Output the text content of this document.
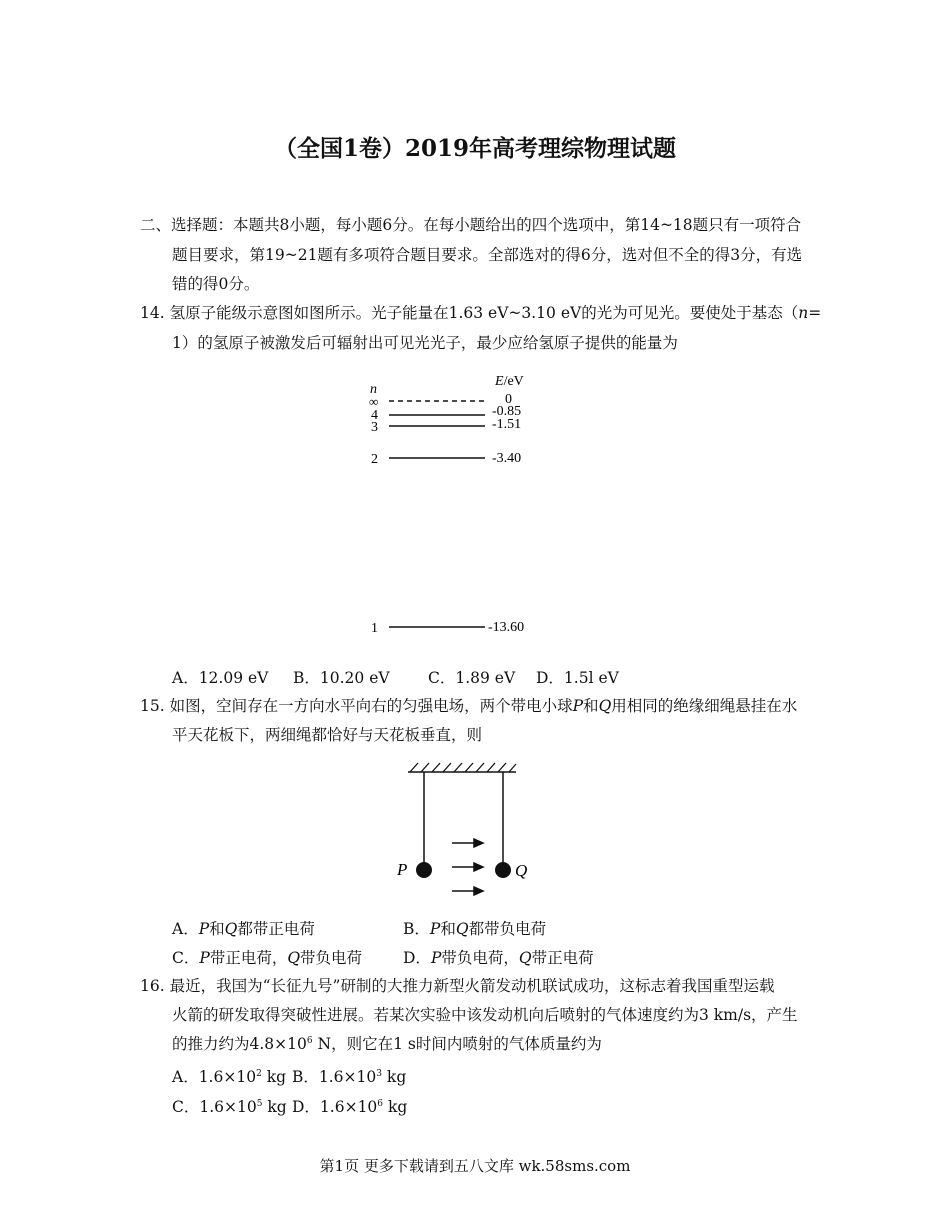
（全国1卷）2019年高考理综物理试题
二、选择题：本题共8小题，每小题6分。在每小题给出的四个选项中，第14~18题只有一项符合
题目要求，第19~21题有多项符合题目要求。全部选对的得6分，选对但不全的得3分，有选
错的得0分。
14. 氢原子能级示意图如图所示。光子能量在1.63 eV~3.10 eV的光为可见光。要使处于基态（n=
1）的氢原子被激发后可辐射出可见光光子，最少应给氢原子提供的能量为
n
E/eV
∞	0
4	-0.85
3	-1.51
2	-3.40
1	-13.60
A．12.09 eV B．10.20 eV C．1.89 eV D．1.5l eV
15. 如图，空间存在一方向水平向右的匀强电场，两个带电小球P和Q用相同的绝缘细绳悬挂在水
平天花板下，两细绳都恰好与天花板垂直，则
P	Q
A．P和Q都带正电荷	B．P和Q都带负电荷
C．P带正电荷，Q带负电荷	D．P带负电荷，Q带正电荷
16. 最近，我国为“长征九号”研制的大推力新型火箭发动机联试成功，这标志着我国重型运载
火箭的研发取得突破性进展。若某次实验中该发动机向后喷射的气体速度约为3 km/s，产生
的推力约为$4.8\times 10^6$ N，则它在1 s时间内喷射的气体质量约为
A．$1.6\times 10^2$ kg B．$1.6\times 10^3$ kg
C．$1.6\times 10^5$ kg D．$1.6\times 10^6$ kg
第1页 更多下载请到五八文库 wk.58sms.com
